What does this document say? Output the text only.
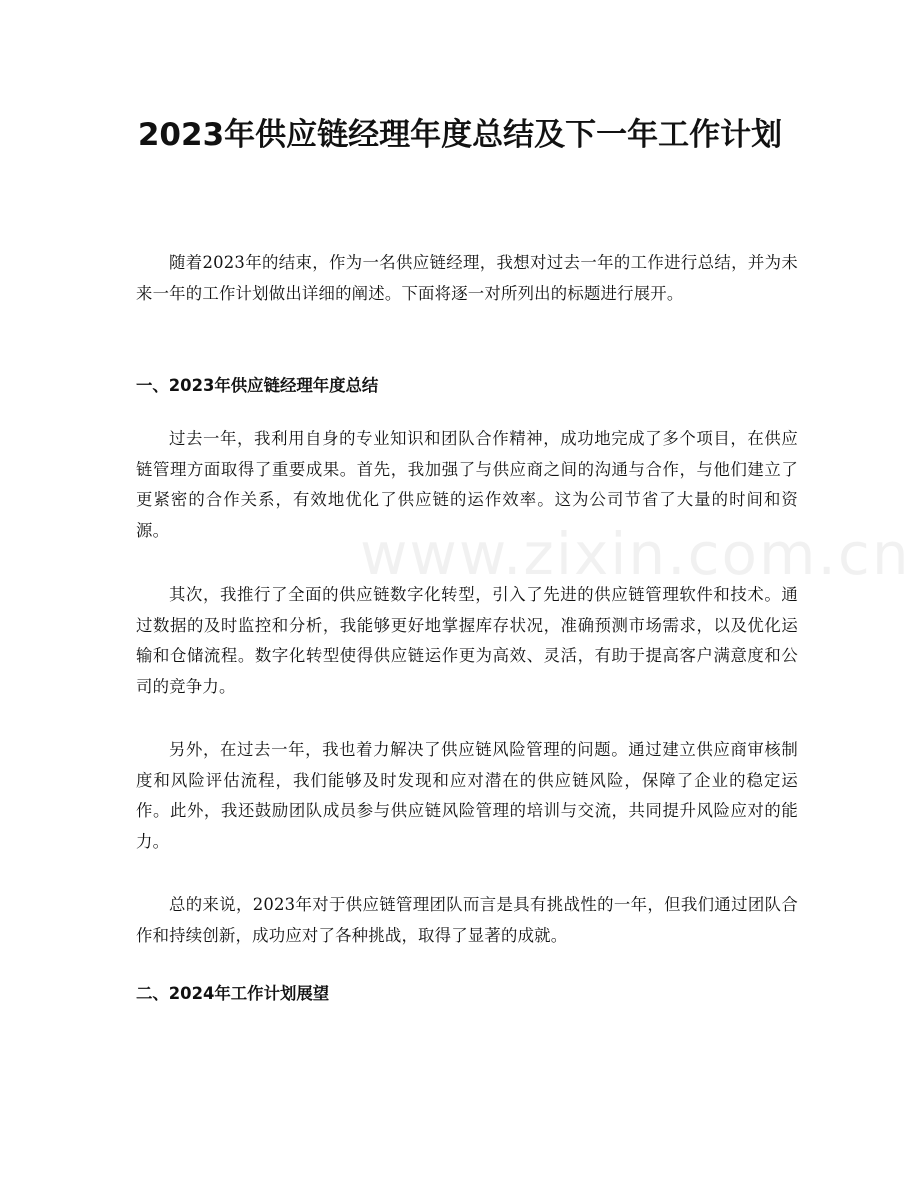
www.zixin.com.cn
2023年供应链经理年度总结及下一年工作计划

随着2023年的结束，作为一名供应链经理，我想对过去一年的工作进行总结，并为未来一年的工作计划做出详细的阐述。下面将逐一对所列出的标题进行展开。

一、2023年供应链经理年度总结

过去一年，我利用自身的专业知识和团队合作精神，成功地完成了多个项目，在供应链管理方面取得了重要成果。首先，我加强了与供应商之间的沟通与合作，与他们建立了更紧密的合作关系，有效地优化了供应链的运作效率。这为公司节省了大量的时间和资源。

其次，我推行了全面的供应链数字化转型，引入了先进的供应链管理软件和技术。通过数据的及时监控和分析，我能够更好地掌握库存状况，准确预测市场需求，以及优化运输和仓储流程。数字化转型使得供应链运作更为高效、灵活，有助于提高客户满意度和公司的竞争力。

另外，在过去一年，我也着力解决了供应链风险管理的问题。通过建立供应商审核制度和风险评估流程，我们能够及时发现和应对潜在的供应链风险，保障了企业的稳定运作。此外，我还鼓励团队成员参与供应链风险管理的培训与交流，共同提升风险应对的能力。

总的来说，2023年对于供应链管理团队而言是具有挑战性的一年，但我们通过团队合作和持续创新，成功应对了各种挑战，取得了显著的成就。

二、2024年工作计划展望
